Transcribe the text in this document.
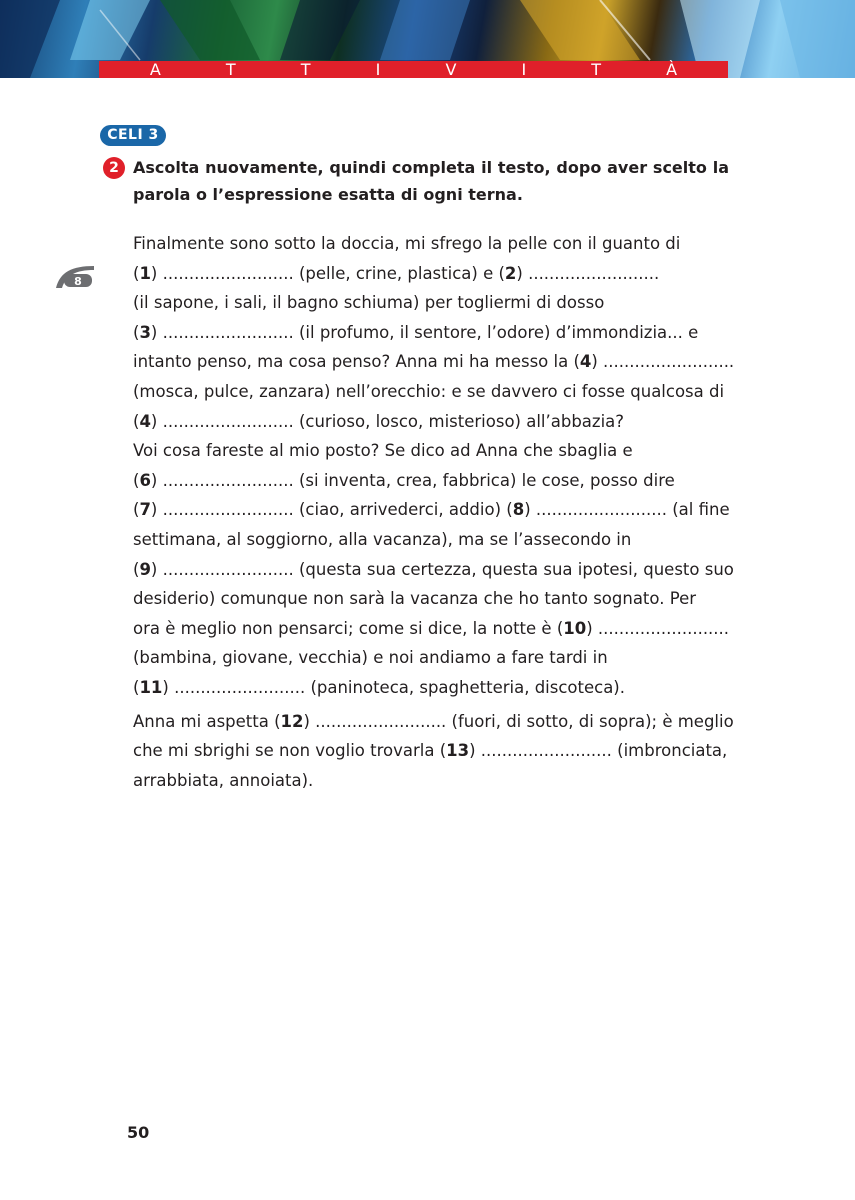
A T T I V I T À
CELI 3
2 Ascolta nuovamente, quindi completa il testo, dopo aver scelto la parola o l’espressione esatta di ogni terna.
8

Finalmente sono sotto la doccia, mi sfrego la pelle con il guanto di

(1) ......................... (pelle, crine, plastica) e (2) .........................

(il sapone, i sali, il bagno schiuma) per togliermi di dosso

(3) ......................... (il profumo, il sentore, l’odore) d’immondizia... e

intanto penso, ma cosa penso? Anna mi ha messo la (4) .........................

(mosca, pulce, zanzara) nell’orecchio: e se davvero ci fosse qualcosa di

(4) ......................... (curioso, losco, misterioso) all’abbazia?

Voi cosa fareste al mio posto? Se dico ad Anna che sbaglia e

(6) ......................... (si inventa, crea, fabbrica) le cose, posso dire

(7) ......................... (ciao, arrivederci, addio) (8) ......................... (al fine

settimana, al soggiorno, alla vacanza), ma se l’assecondo in

(9) ......................... (questa sua certezza, questa sua ipotesi, questo suo

desiderio) comunque non sarà la vacanza che ho tanto sognato. Per

ora è meglio non pensarci; come si dice, la notte è (10) .........................

(bambina, giovane, vecchia) e noi andiamo a fare tardi in

(11) ......................... (paninoteca, spaghetteria, discoteca).

Anna mi aspetta (12) ......................... (fuori, di sotto, di sopra); è meglio

che mi sbrighi se non voglio trovarla (13) ......................... (imbronciata,

arrabbiata, annoiata).

50
